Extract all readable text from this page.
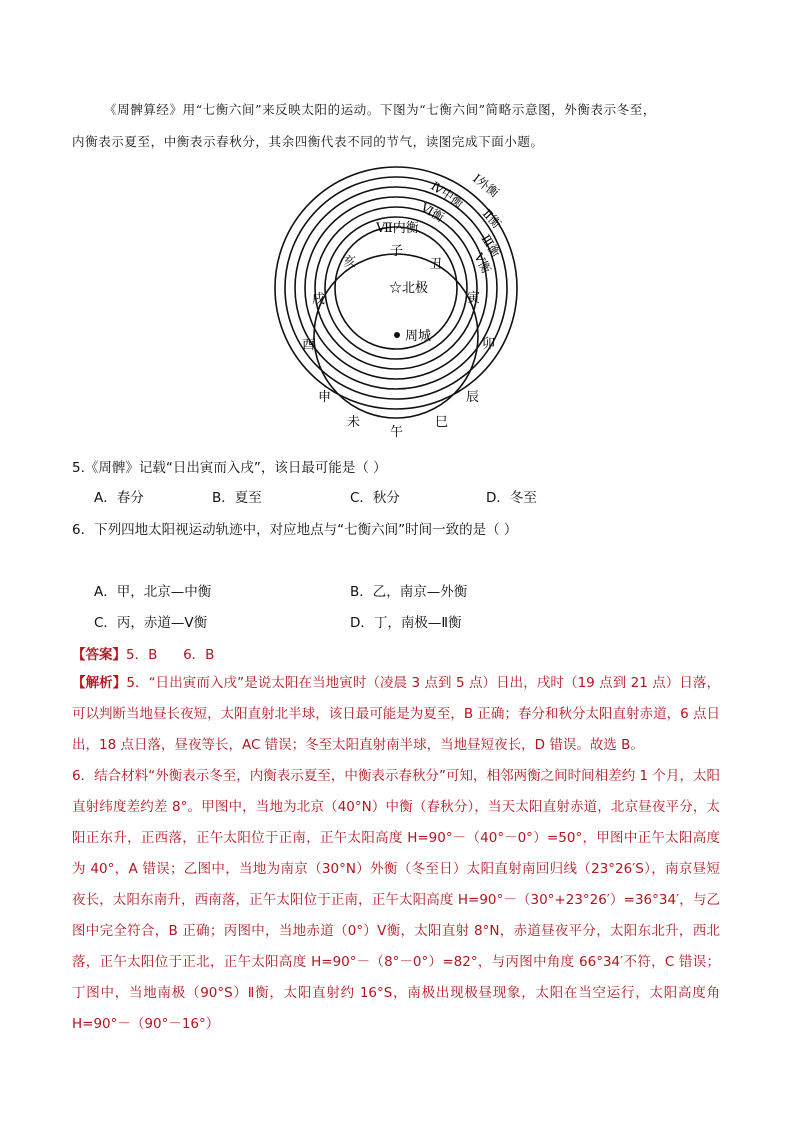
《周髀算经》用“七衡六间”来反映太阳的运动。下图为“七衡六间”简略示意图，外衡表示冬至，
内衡表示夏至，中衡表示春秋分，其余四衡代表不同的节气，读图完成下面小题。
Ⅰ外衡
Ⅱ衡
Ⅲ衡
Ⅳ中衡
Ⅴ衡
Ⅵ衡
Ⅶ内衡
☆北极
周城
子
丑
寅
卯
辰
巳
午
未
申
酉
戌
亥
5.《周髀》记载“日出寅而入戌”，该日最可能是（ ）
A．春分	B．夏至	C．秋分	D．冬至
6．下列四地太阳视运动轨迹中，对应地点与“七衡六间”时间一致的是（ ）
A．甲，北京—中衡	B．乙，南京—外衡
C．丙，赤道—Ⅴ衡	D．丁，南极—Ⅱ衡
【答案】5．B      6．B
【解析】5．“日出寅而入戌”是说太阳在当地寅时（凌晨 3 点到 5 点）日出，戌时（19 点到 21 点）日落，可以判断当地昼长夜短，太阳直射北半球，该日最可能是为夏至，B 正确；春分和秋分太阳直射赤道，6 点日出，18 点日落，昼夜等长，AC 错误；冬至太阳直射南半球，当地昼短夜长，D 错误。故选 B。
6．结合材料“外衡表示冬至，内衡表示夏至，中衡表示春秋分”可知，相邻两衡之间时间相差约 1 个月，太阳直射纬度差约差 8°。甲图中，当地为北京（40°N）中衡（春秋分），当天太阳直射赤道，北京昼夜平分，太阳正东升，正西落，正午太阳位于正南，正午太阳高度 H=90°－（40°－0°）=50°，甲图中正午太阳高度为 40°，A 错误；乙图中，当地为南京（30°N）外衡（冬至日）太阳直射南回归线（23°26′S），南京昼短夜长，太阳东南升，西南落，正午太阳位于正南，正午太阳高度 H=90°－（30°+23°26′）=36°34′，与乙图中完全符合，B 正确；丙图中，当地赤道（0°）Ⅴ衡，太阳直射 8°N，赤道昼夜平分，太阳东北升，西北落，正午太阳位于正北，正午太阳高度 H=90°－（8°－0°）=82°，与丙图中角度 66°34′不符，C 错误；丁图中，当地南极（90°S）Ⅱ衡，太阳直射约 16°S，南极出现极昼现象，太阳在当空运行，太阳高度角 H=90°－（90°－16°）
